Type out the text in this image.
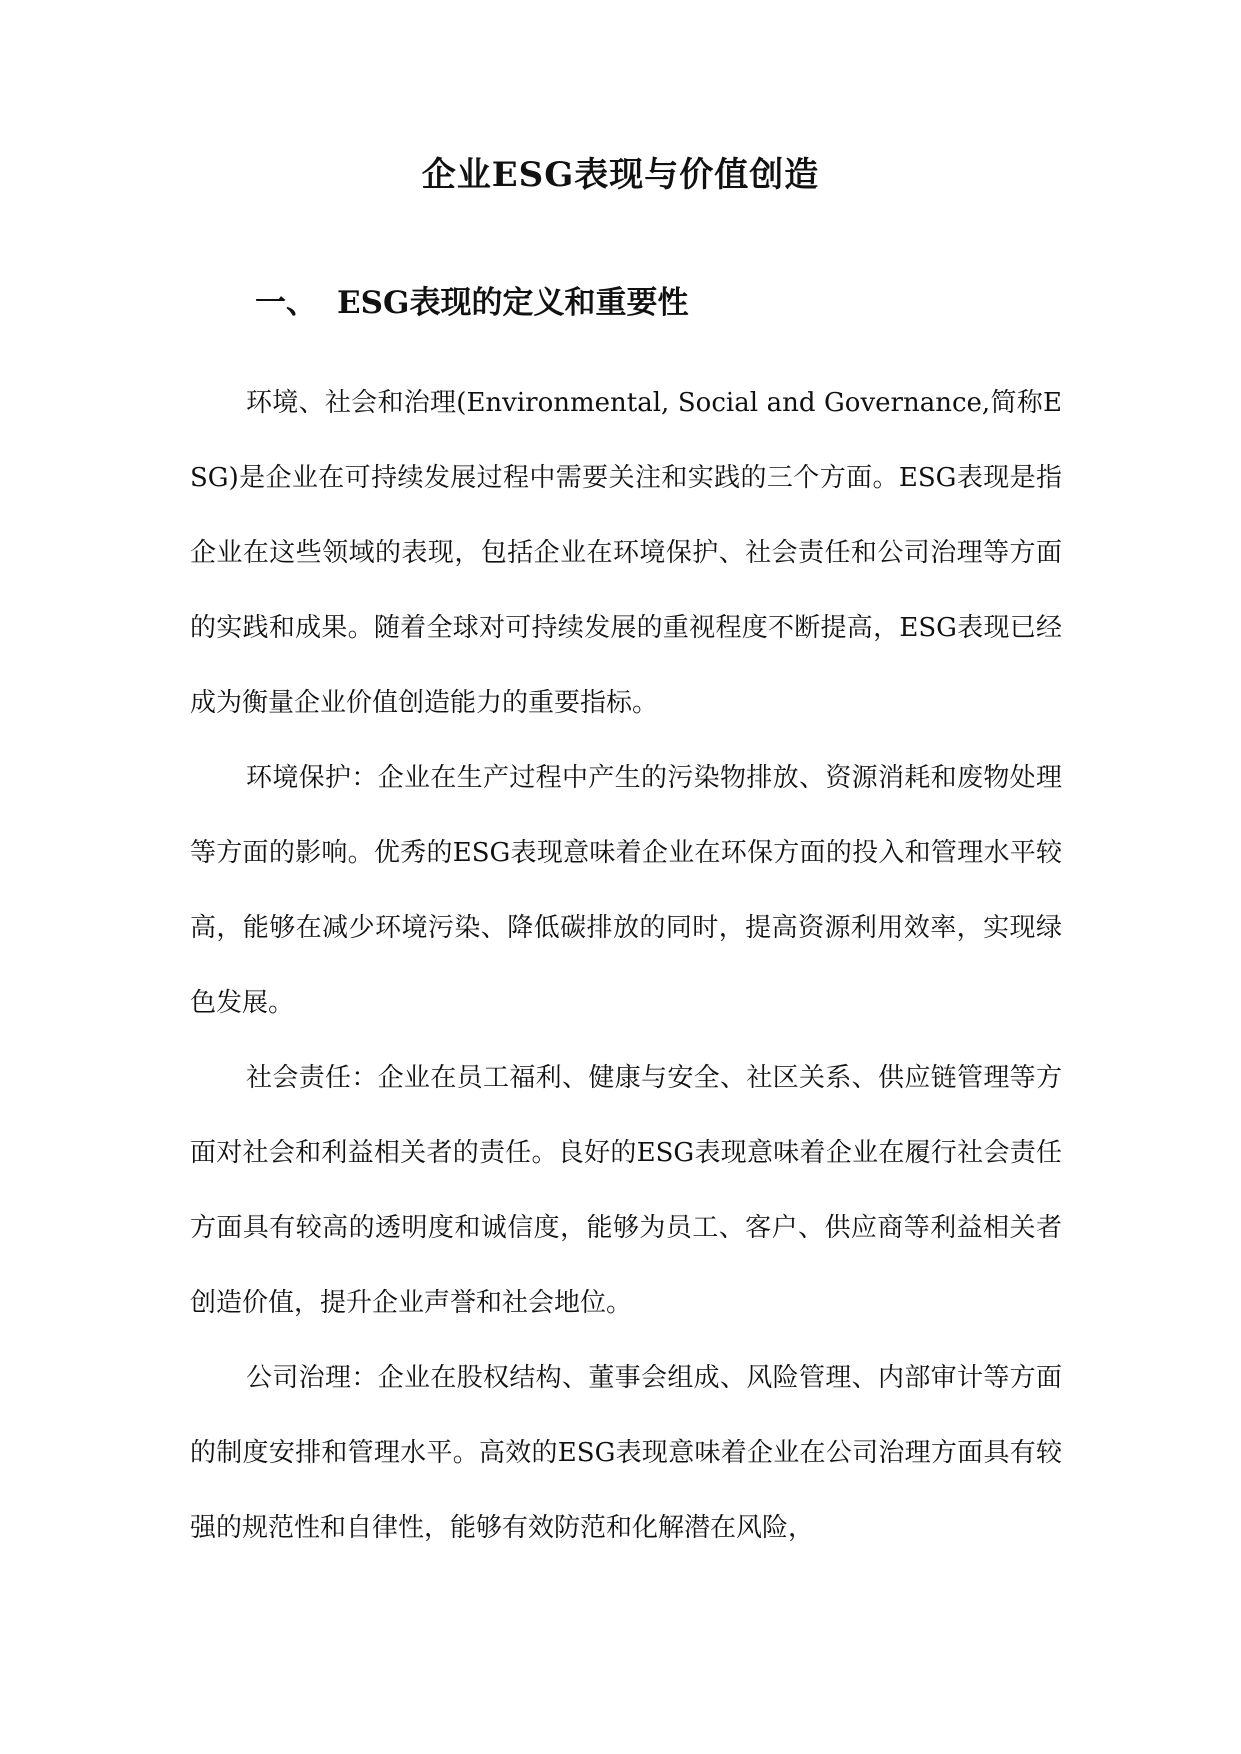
企业ESG表现与价值创造
一、 ESG表现的定义和重要性

环境、社会和治理(Environmental, Social and Governance,简称ESG)是企业在可持续发展过程中需要关注和实践的三个方面。ESG表现是指企业在这些领域的表现，包括企业在环境保护、社会责任和公司治理等方面的实践和成果。随着全球对可持续发展的重视程度不断提高，ESG表现已经成为衡量企业价值创造能力的重要指标。

环境保护：企业在生产过程中产生的污染物排放、资源消耗和废物处理等方面的影响。优秀的ESG表现意味着企业在环保方面的投入和管理水平较高，能够在减少环境污染、降低碳排放的同时，提高资源利用效率，实现绿色发展。

社会责任：企业在员工福利、健康与安全、社区关系、供应链管理等方面对社会和利益相关者的责任。良好的ESG表现意味着企业在履行社会责任方面具有较高的透明度和诚信度，能够为员工、客户、供应商等利益相关者创造价值，提升企业声誉和社会地位。

公司治理：企业在股权结构、董事会组成、风险管理、内部审计等方面的制度安排和管理水平。高效的ESG表现意味着企业在公司治理方面具有较强的规范性和自律性，能够有效防范和化解潜在风险，
